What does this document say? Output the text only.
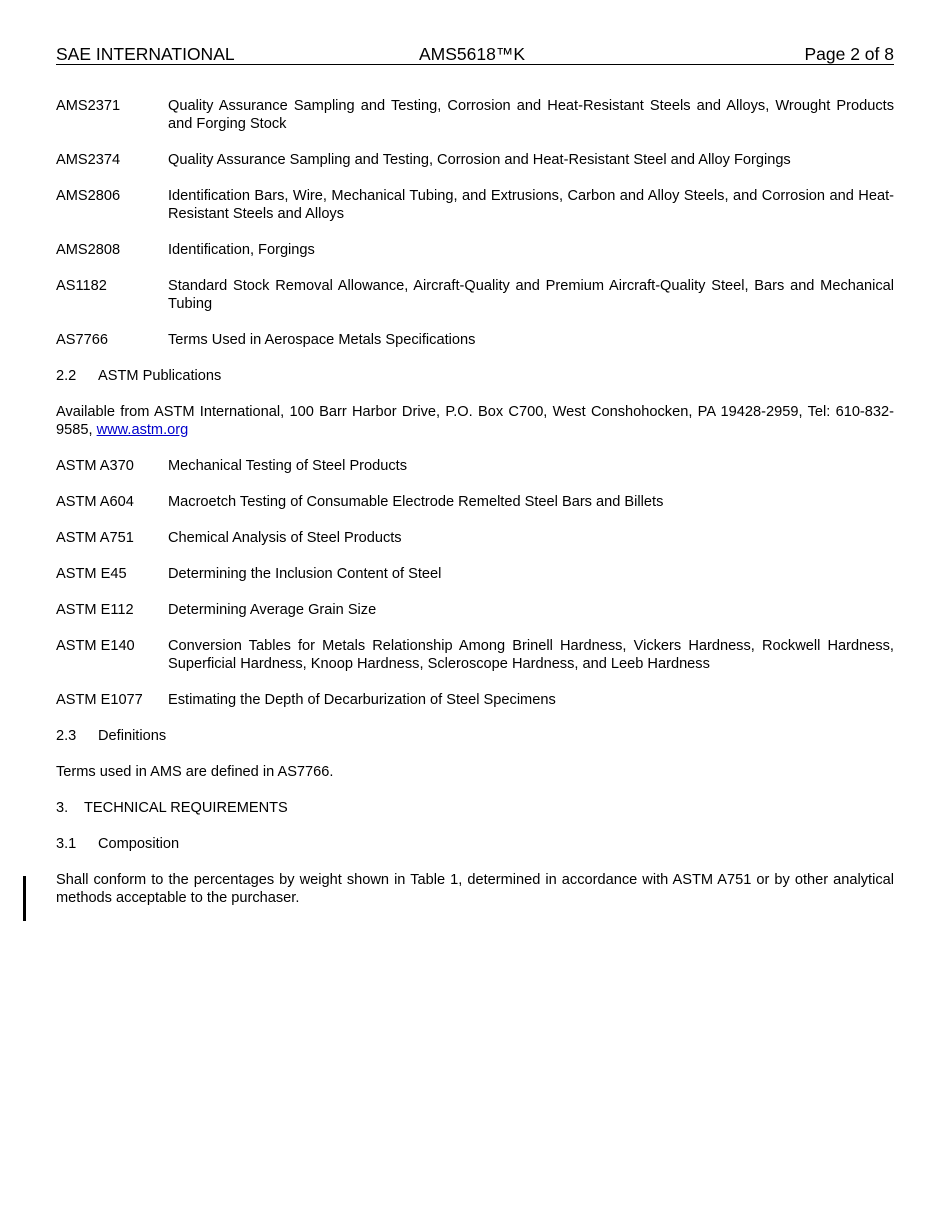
SAE INTERNATIONAL	AMS5618™K	Page 2 of 8
AMS2371	Quality Assurance Sampling and Testing, Corrosion and Heat-Resistant Steels and Alloys, Wrought Products and Forging Stock
AMS2374	Quality Assurance Sampling and Testing, Corrosion and Heat-Resistant Steel and Alloy Forgings
AMS2806	Identification Bars, Wire, Mechanical Tubing, and Extrusions, Carbon and Alloy Steels, and Corrosion and Heat-Resistant Steels and Alloys
AMS2808	Identification, Forgings
AS1182	Standard Stock Removal Allowance, Aircraft-Quality and Premium Aircraft-Quality Steel, Bars and Mechanical Tubing
AS7766	Terms Used in Aerospace Metals Specifications
2.2 ASTM Publications
Available from ASTM International, 100 Barr Harbor Drive, P.O. Box C700, West Conshohocken, PA 19428-2959, Tel: 610-832-9585, www.astm.org
ASTM A370	Mechanical Testing of Steel Products
ASTM A604	Macroetch Testing of Consumable Electrode Remelted Steel Bars and Billets
ASTM A751	Chemical Analysis of Steel Products
ASTM E45	Determining the Inclusion Content of Steel
ASTM E112	Determining Average Grain Size
ASTM E140	Conversion Tables for Metals Relationship Among Brinell Hardness, Vickers Hardness, Rockwell Hardness, Superficial Hardness, Knoop Hardness, Scleroscope Hardness, and Leeb Hardness
ASTM E1077	Estimating the Depth of Decarburization of Steel Specimens
2.3 Definitions
Terms used in AMS are defined in AS7766.
3. TECHNICAL REQUIREMENTS
3.1 Composition
Shall conform to the percentages by weight shown in Table 1, determined in accordance with ASTM A751 or by other analytical methods acceptable to the purchaser.
